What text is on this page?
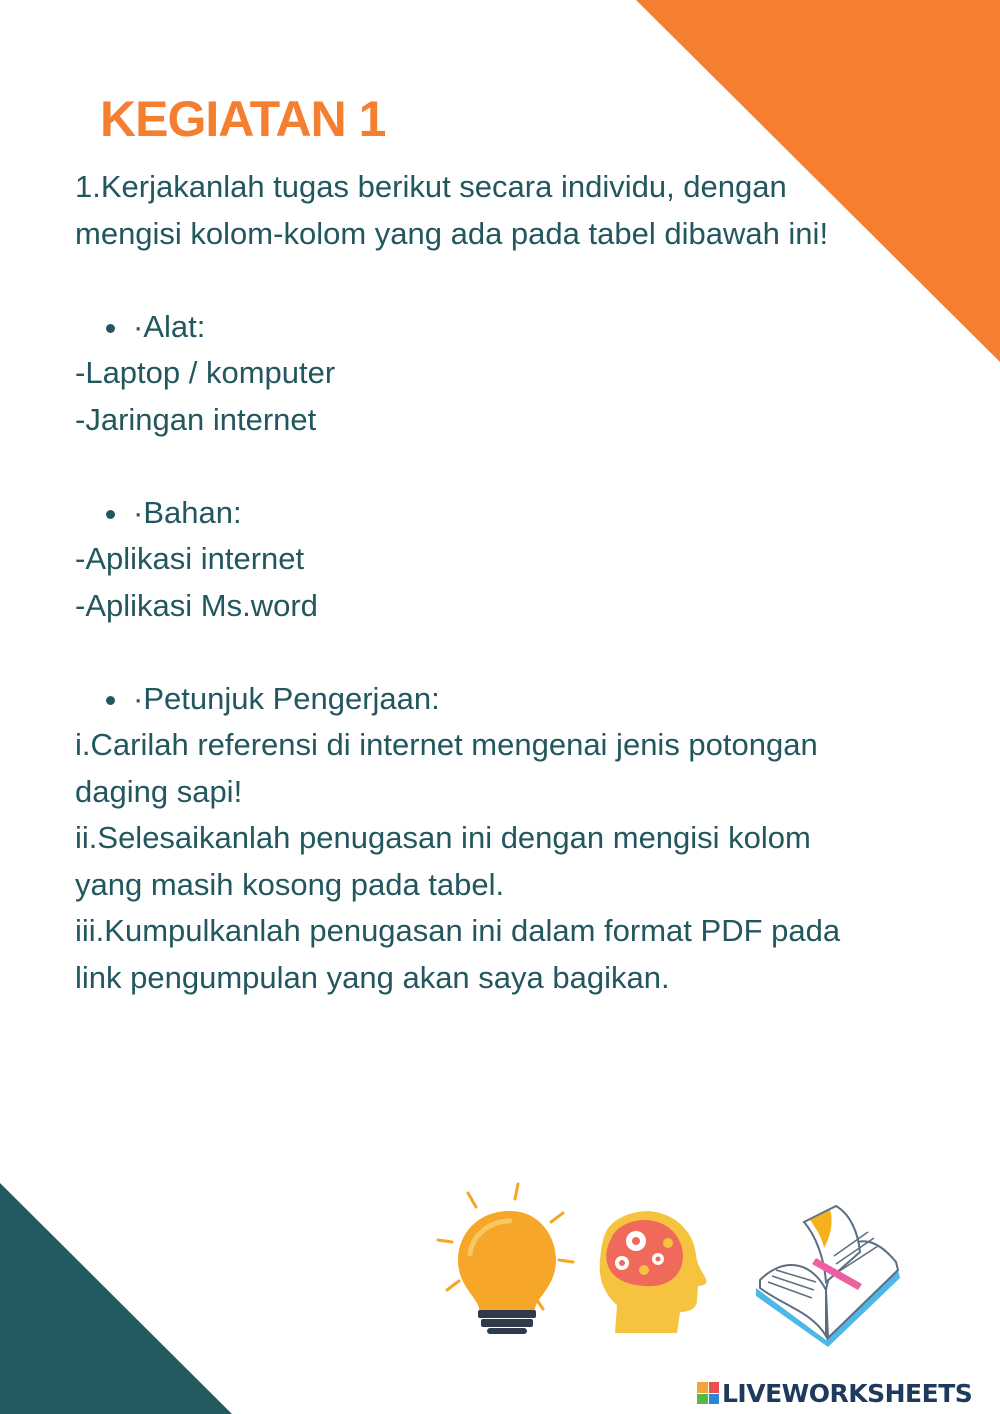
KEGIATAN 1

1.Kerjakanlah tugas berikut secara individu, dengan mengisi kolom-kolom yang ada pada tabel dibawah ini!

·Alat:

-Laptop / komputer

-Jaringan internet

·Bahan:

-Aplikasi internet

-Aplikasi Ms.word

·Petunjuk Pengerjaan:

i.Carilah referensi di internet mengenai jenis potongan daging sapi!

ii.Selesaikanlah penugasan ini dengan mengisi kolom yang masih kosong pada tabel.

iii.Kumpulkanlah penugasan ini dalam format PDF pada link pengumpulan yang akan saya bagikan.

LIVEWORKSHEETS
